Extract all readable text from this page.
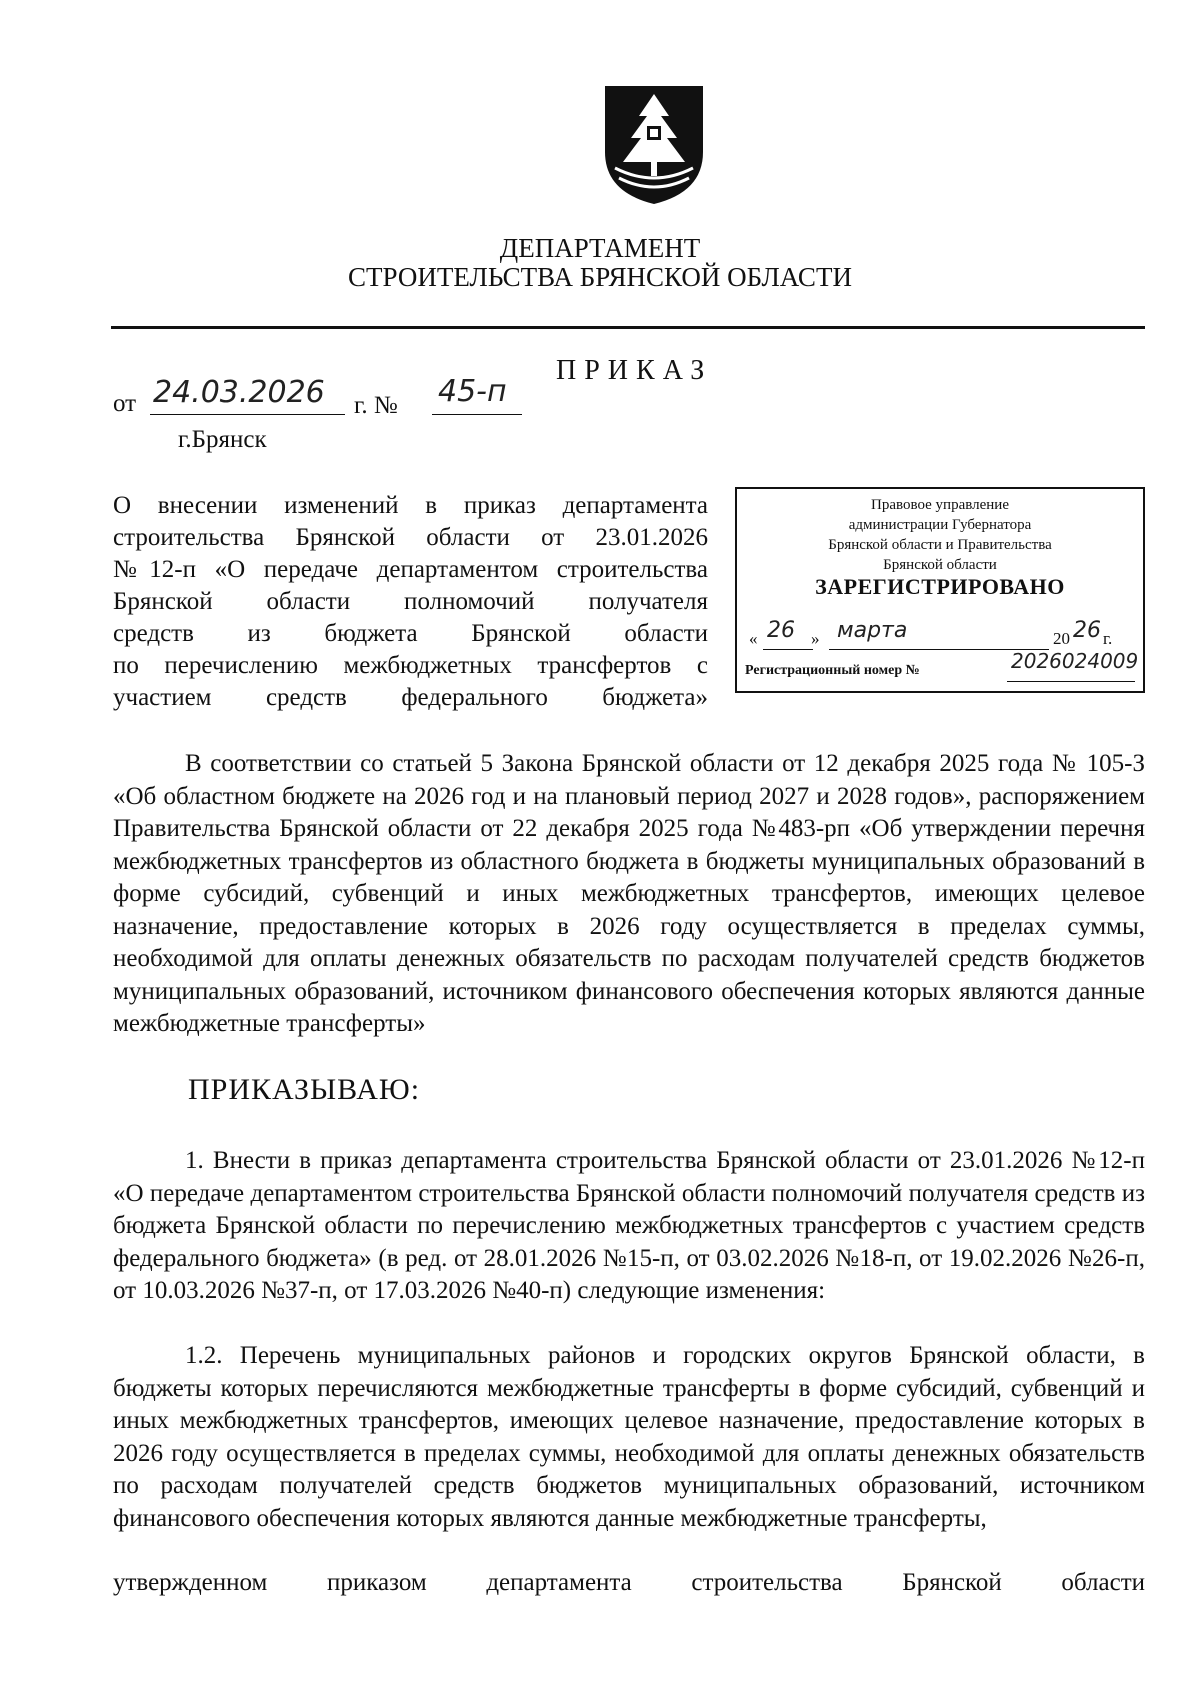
ДЕПАРТАМЕНТ
СТРОИТЕЛЬСТВА БРЯНСКОЙ ОБЛАСТИ
ПРИКАЗ
от 24.03.2026 г. № 45-п
г.Брянск
О внесении изменений в приказ департамента
строительства Брянской области от 23.01.2026
№12-п «О передаче департаментом строительства
Брянской области полномочий получателя
средств из бюджета Брянской области
по перечислению межбюджетных трансфертов с
участием средств федерального бюджета»
Правовое управление
администрации Губернатора
Брянской области и Правительства
Брянской области
ЗАРЕГИСТРИРОВАНО
« 26 » марта	20 26 г.
Регистрационный номер №	2026024009
В соответствии со статьей 5 Закона Брянской области от 12 декабря 2025 года № 105-З «Об областном бюджете на 2026 год и на плановый период 2027 и 2028 годов», распоряжением Правительства Брянской области от 22 декабря 2025 года №483-рп «Об утверждении перечня межбюджетных трансфертов из областного бюджета в бюджеты муниципальных образований в форме субсидий, субвенций и иных межбюджетных трансфертов, имеющих целевое назначение, предоставление которых в 2026 году осуществляется в пределах суммы, необходимой для оплаты денежных обязательств по расходам получателей средств бюджетов муниципальных образований, источником финансового обеспечения которых являются данные межбюджетные трансферты»
ПРИКАЗЫВАЮ:
1. Внести в приказ департамента строительства Брянской области от 23.01.2026 №12-п «О передаче департаментом строительства Брянской области полномочий получателя средств из бюджета Брянской области по перечислению межбюджетных трансфертов с участием средств федерального бюджета» (в ред. от 28.01.2026 №15-п, от 03.02.2026 №18-п, от 19.02.2026 №26-п, от 10.03.2026 №37-п, от 17.03.2026 №40-п) следующие изменения:
1.2. Перечень муниципальных районов и городских округов Брянской области, в бюджеты которых перечисляются межбюджетные трансферты в форме субсидий, субвенций и иных межбюджетных трансфертов, имеющих целевое назначение, предоставление которых в 2026 году осуществляется в пределах суммы, необходимой для оплаты денежных обязательств по расходам получателей средств бюджетов муниципальных образований, источником финансового обеспечения которых являются данные межбюджетные трансферты,
утвержденном приказом департамента строительства Брянской области
